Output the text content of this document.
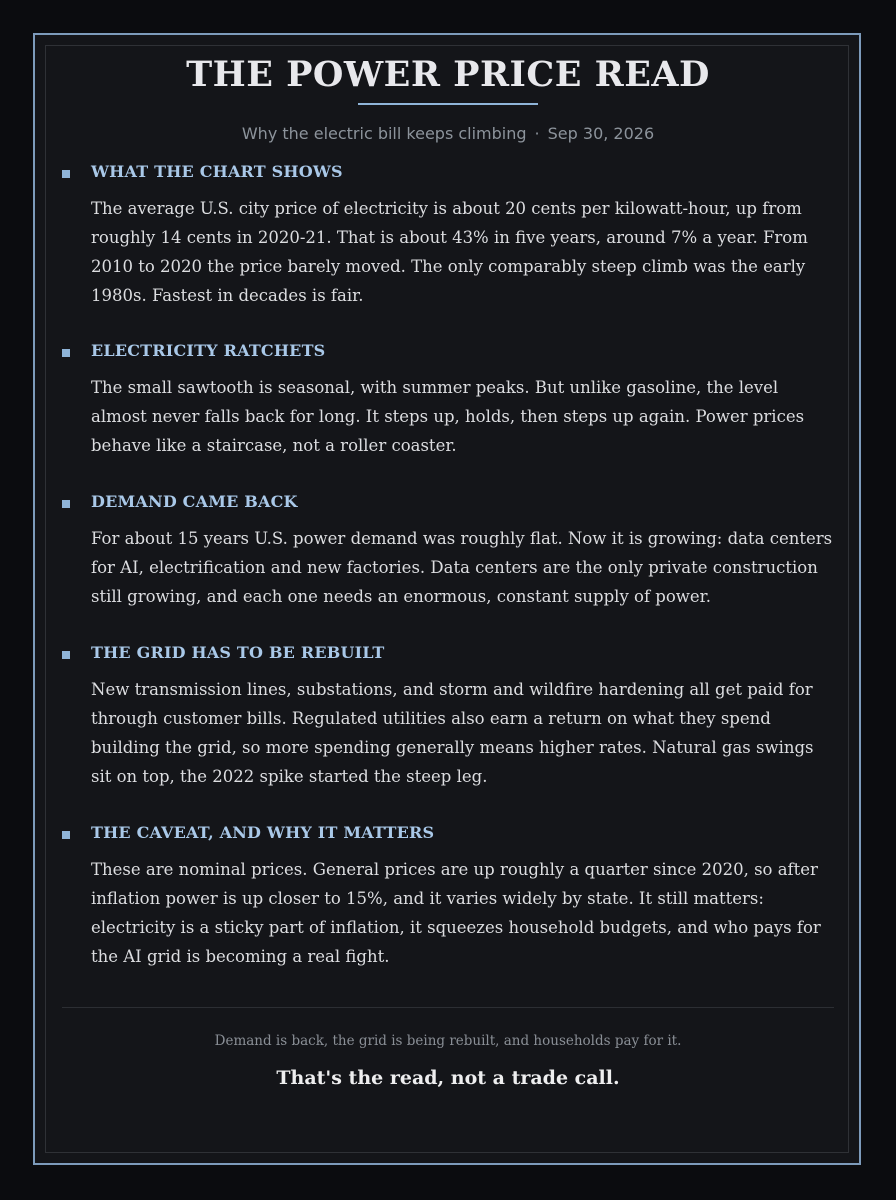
THE POWER PRICE READ
Why the electric bill keeps climbing · Sep 30, 2026
WHAT THE CHART SHOWS

The average U.S. city price of electricity is about 20 cents per kilowatt-hour, up from roughly 14 cents in 2020-21. That is about 43% in five years, around 7% a year. From 2010 to 2020 the price barely moved. The only comparably steep climb was the early 1980s. Fastest in decades is fair.

ELECTRICITY RATCHETS

The small sawtooth is seasonal, with summer peaks. But unlike gasoline, the level almost never falls back for long. It steps up, holds, then steps up again. Power prices behave like a staircase, not a roller coaster.

DEMAND CAME BACK

For about 15 years U.S. power demand was roughly flat. Now it is growing: data centers for AI, electrification and new factories. Data centers are the only private construction still growing, and each one needs an enormous, constant supply of power.

THE GRID HAS TO BE REBUILT

New transmission lines, substations, and storm and wildfire hardening all get paid for through customer bills. Regulated utilities also earn a return on what they spend building the grid, so more spending generally means higher rates. Natural gas swings sit on top, the 2022 spike started the steep leg.

THE CAVEAT, AND WHY IT MATTERS

These are nominal prices. General prices are up roughly a quarter since 2020, so after inflation power is up closer to 15%, and it varies widely by state. It still matters: electricity is a sticky part of inflation, it squeezes household budgets, and who pays for the AI grid is becoming a real fight.

Demand is back, the grid is being rebuilt, and households pay for it.
That's the read, not a trade call.
